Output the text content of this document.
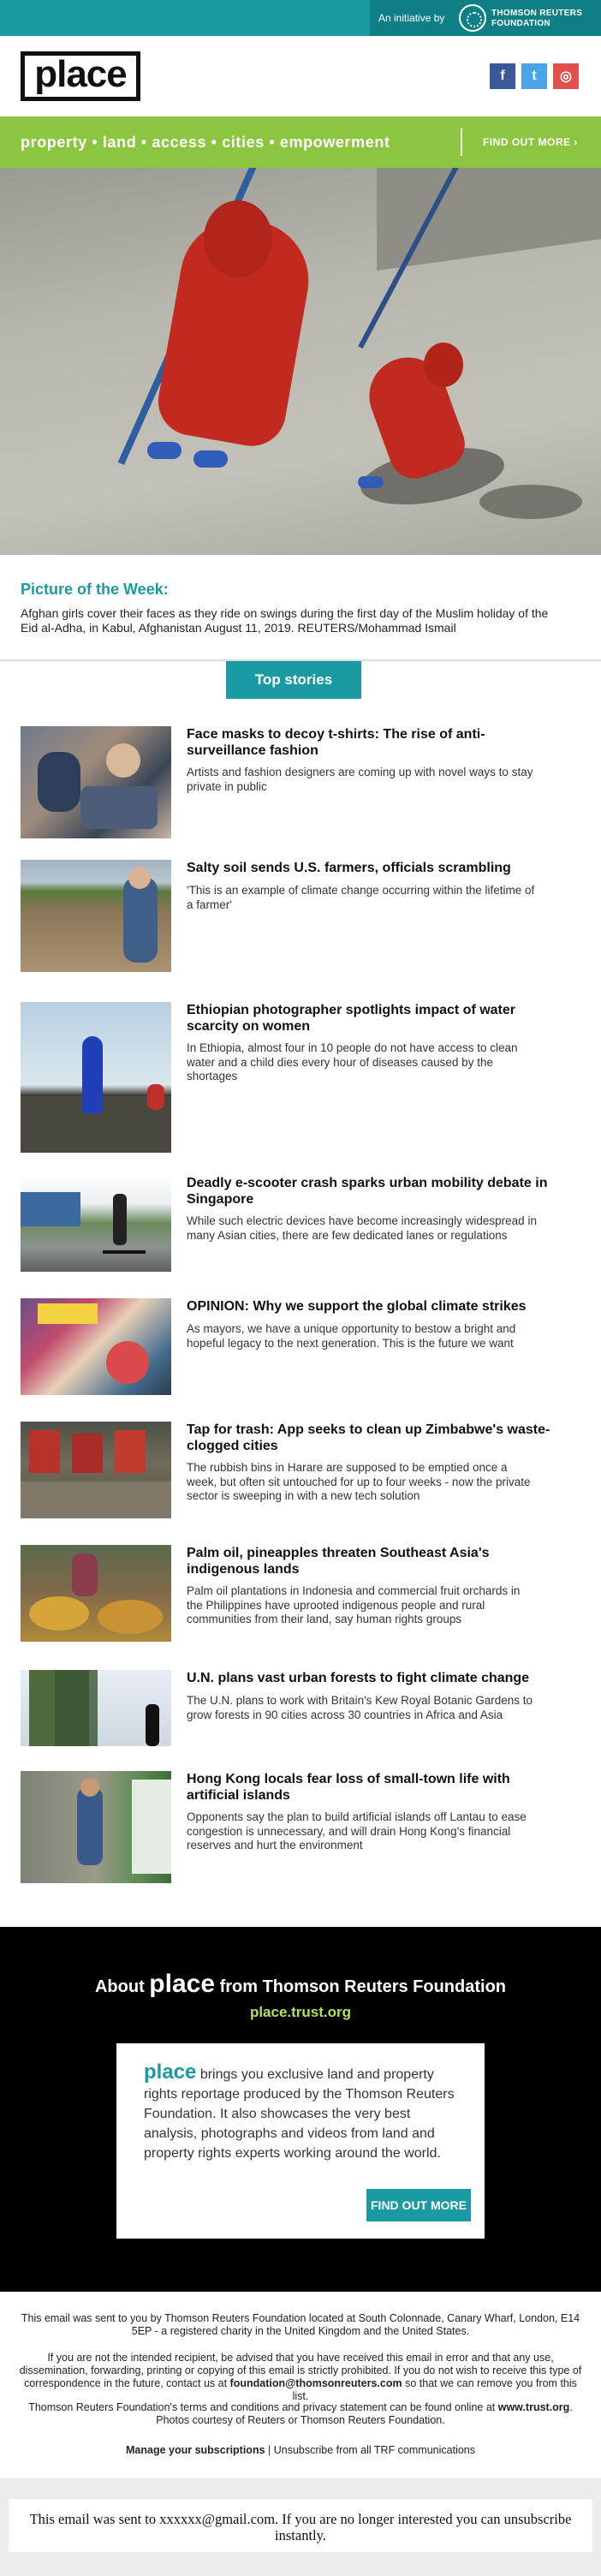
An initiative by	THOMSON REUTERS FOUNDATION
place	f	t	◎
property • land • access • cities • empowerment	FIND OUT MORE ›
Picture of the Week:

Afghan girls cover their faces as they ride on swings during the first day of the Muslim holiday of the Eid al-Adha, in Kabul, Afghanistan August 11, 2019. REUTERS/Mohammad Ismail

Top stories
Face masks to decoy t-shirts: The rise of anti-surveillance fashion

Artists and fashion designers are coming up with novel ways to stay private in public

Salty soil sends U.S. farmers, officials scrambling

'This is an example of climate change occurring within the lifetime of a farmer'

Ethiopian photographer spotlights impact of water scarcity on women

In Ethiopia, almost four in 10 people do not have access to clean water and a child dies every hour of diseases caused by the shortages

Deadly e-scooter crash sparks urban mobility debate in Singapore

While such electric devices have become increasingly widespread in many Asian cities, there are few dedicated lanes or regulations

OPINION: Why we support the global climate strikes

As mayors, we have a unique opportunity to bestow a bright and hopeful legacy to the next generation. This is the future we want

Tap for trash: App seeks to clean up Zimbabwe's waste-clogged cities

The rubbish bins in Harare are supposed to be emptied once a week, but often sit untouched for up to four weeks - now the private sector is sweeping in with a new tech solution

Palm oil, pineapples threaten Southeast Asia's indigenous lands

Palm oil plantations in Indonesia and commercial fruit orchards in the Philippines have uprooted indigenous people and rural communities from their land, say human rights groups

U.N. plans vast urban forests to fight climate change

The U.N. plans to work with Britain's Kew Royal Botanic Gardens to grow forests in 90 cities across 30 countries in Africa and Asia

Hong Kong locals fear loss of small-town life with artificial islands

Opponents say the plan to build artificial islands off Lantau to ease congestion is unnecessary, and will drain Hong Kong's financial reserves and hurt the environment

About place from Thomson Reuters Foundation
place.trust.org

place brings you exclusive land and property rights reportage produced by the Thomson Reuters Foundation. It also showcases the very best analysis, photographs and videos from land and property rights experts working around the world.

FIND OUT MORE

This email was sent to you by Thomson Reuters Foundation located at South Colonnade, Canary Wharf, London, E14 5EP - a registered charity in the United Kingdom and the United States.

If you are not the intended recipient, be advised that you have received this email in error and that any use, dissemination, forwarding, printing or copying of this email is strictly prohibited. If you do not wish to receive this type of correspondence in the future, contact us at foundation@thomsonreuters.com so that we can remove you from this list.

Thomson Reuters Foundation's terms and conditions and privacy statement can be found online at www.trust.org.
Photos courtesy of Reuters or Thomson Reuters Foundation.

Manage your subscriptions | Unsubscribe from all TRF communications

This email was sent to xxxxxx@gmail.com. If you are no longer interested you can unsubscribe instantly.
